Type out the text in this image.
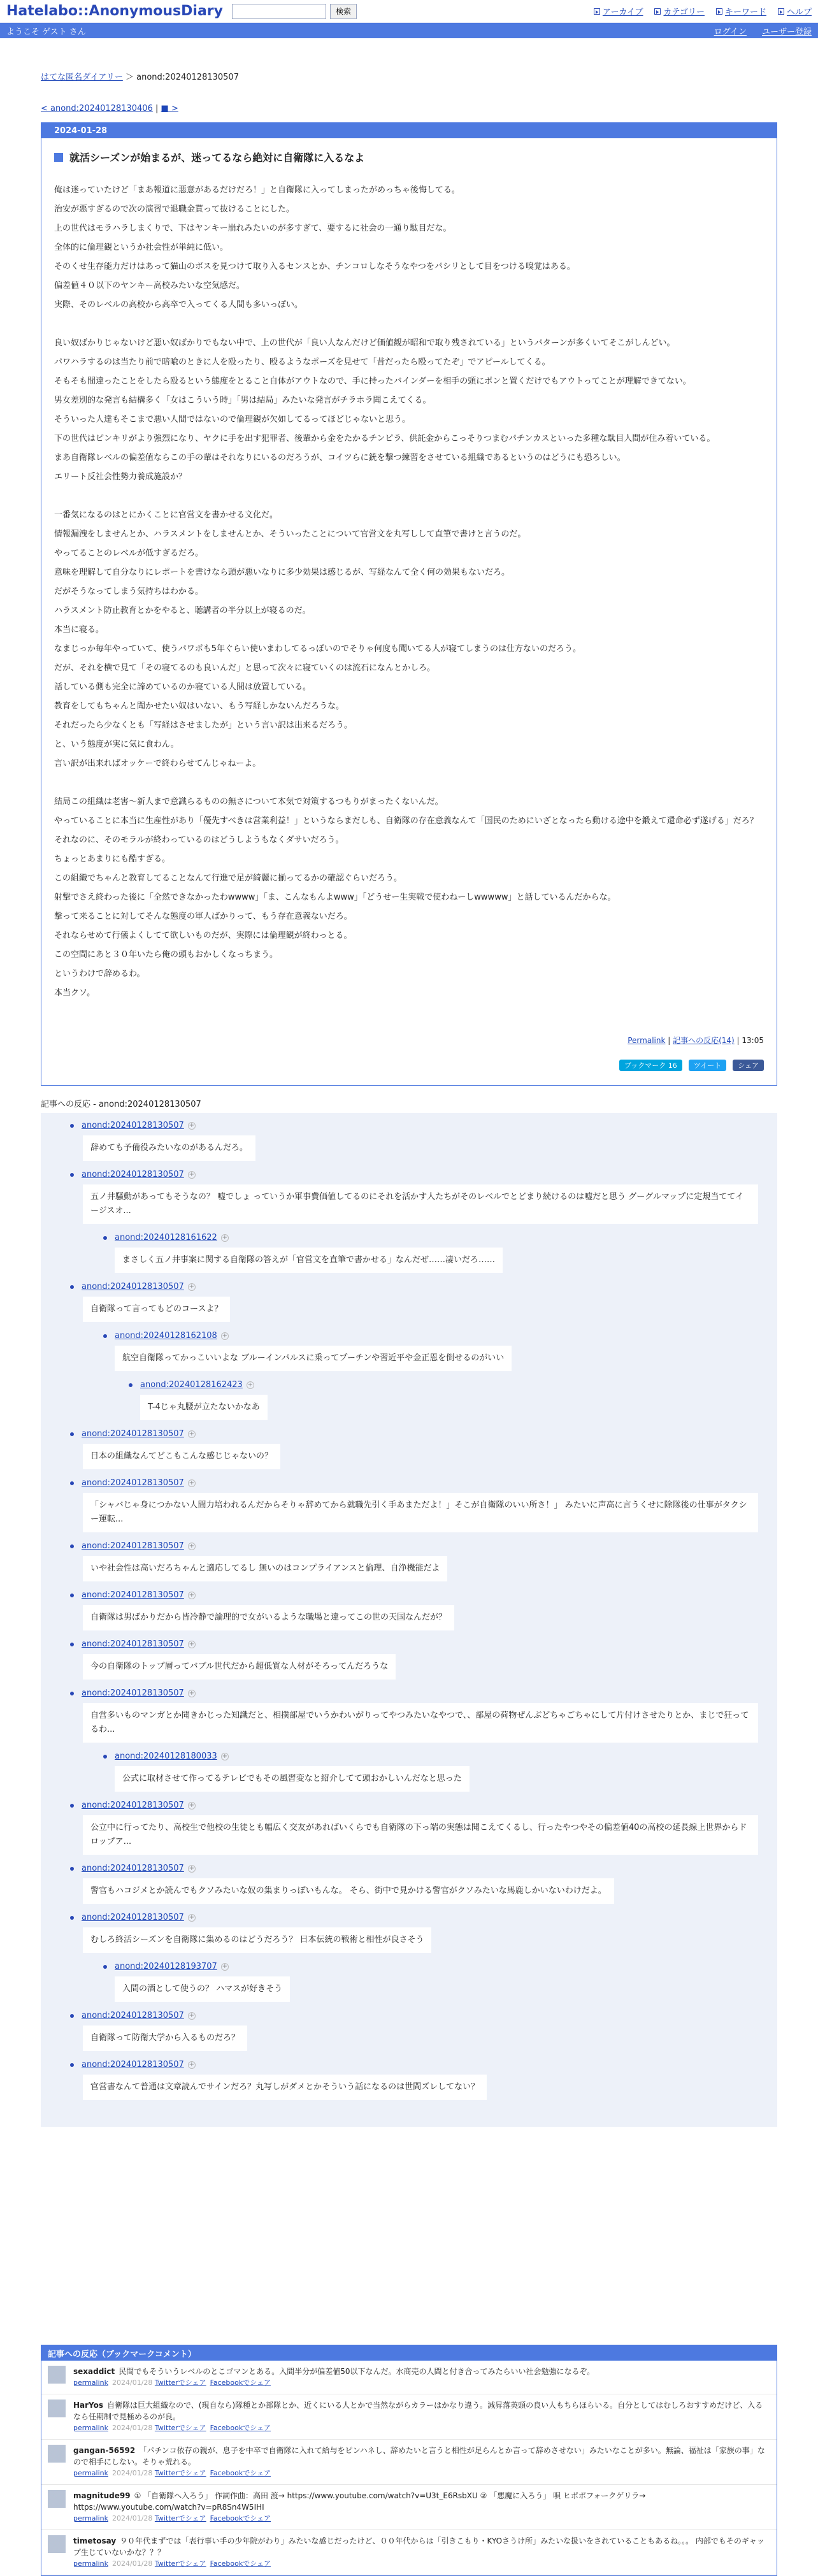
Hatelabo::AnonymousDiary	検索	アーカイブ カテゴリー キーワード ヘルプ
ようこそ ゲスト さん	ログイン ユーザー登録
はてな匿名ダイアリー ＞ anond:20240128130507
< anond:20240128130406 | ■ >
2024-01-28
就活シーズンが始まるが、迷ってるなら絶対に自衛隊に入るなよ

俺は迷っていたけど「まあ報道に悪意があるだけだろ！」と自衛隊に入ってしまったがめっちゃ後悔してる。

治安が悪すぎるので次の演習で退職金貰って抜けることにした。

上の世代はモラハラしまくりで、下はヤンキー崩れみたいのが多すぎて、要するに社会の一通り駄目だな。

全体的に倫理観というか社会性が単純に低い。

そのくせ生存能力だけはあって猫山のボスを見つけて取り入るセンスとか、チンコロしなそうなやつをパシリとして目をつける嗅覚はある。

偏差値４０以下のヤンキー高校みたいな空気感だ。

実際、そのレベルの高校から高卒で入ってくる人間も多いっぽい。

良い奴ばかりじゃないけど悪い奴ばかりでもない中で、上の世代が「良い人なんだけど価値観が昭和で取り残されている」というパターンが多くいてそこがしんどい。

パワハラするのは当たり前で暗喩のときに人を殴ったり、殴るようなポーズを見せて「昔だったら殴ってたぞ」でアピールしてくる。

そもそも間違ったことをしたら殴るという態度をとること自体がアウトなので、手に持ったバインダーを相手の頭にポンと置くだけでもアウトってことが理解できてない。

男女差別的な発言も結構多く「女はこういう時」「男は結局」みたいな発言がチラホラ聞こえてくる。

そういった人達もそこまで悪い人間ではないので倫理観が欠如してるってほどじゃないと思う。

下の世代はピンキリがより強烈になり、ヤクに手を出す犯罪者、後輩から金をたかるチンピラ、供託金からこっそりつまむパチンカスといった多種な駄目人間が住み着いている。

まあ自衛隊レベルの偏差値ならこの手の輩はそれなりにいるのだろうが、コイツらに銃を撃つ練習をさせている組織であるというのはどうにも恐ろしい。

エリート反社会性勢力養成施設か？

一番気になるのはとにかくことに官営文を書かせる文化だ。

情報漏洩をしませんとか、ハラスメントをしませんとか、そういったことについて官営文を丸写しして直筆で書けと言うのだ。

やってることのレベルが低すぎるだろ。

意味を理解して自分なりにレポートを書けなら頭が悪いなりに多少効果は感じるが、写経なんて全く何の効果もないだろ。

だがそうなってしまう気持ちはわかる。

ハラスメント防止教育とかをやると、聴講者の半分以上が寝るのだ。

本当に寝る。

なまじっか毎年やっていて、使うパワポも5年ぐらい使いまわしてるっぽいのでそりゃ何度も聞いてる人が寝てしまうのは仕方ないのだろう。

だが、それを横で見て「その寝てるのも良いんだ」と思って次々に寝ていくのは流石になんとかしろ。

話している側も完全に諦めているのか寝ている人間は放置している。

教育をしてもちゃんと聞かせたい奴はいない、もう写経しかないんだろうな。

それだったら少なくとも「写経はさせましたが」という言い訳は出来るだろう。

と、いう態度が実に気に食わん。

言い訳が出来ればオッケーで終わらせてんじゃねーよ。

結局この組織は老害〜新人まで意識らるものの無さについて本気で対策するつもりがまったくないんだ。

やっていることに本当に生産性があり「優先すべきは営業利益！」というならまだしも、自衛隊の存在意義なんて「国民のためにいざとなったら動ける途中を鍛えて還命必ず遂げる」だろ？それなのに、そのモラルが終わっているのはどうしようもなくダサいだろう。

ちょっとあまりにも酷すぎる。

この組織でちゃんと教育してることなんて行進で足が綺麗に揃ってるかの確認ぐらいだろう。

射撃でさえ終わった後に「全然できなかったわwwww」「ま、こんなもんよwww」「どうせー生実戦で使わねーしwwwww」と話しているんだからな。

撃って来ることに対してそんな態度の軍人ばかりって、もう存在意義ないだろ。

それならせめて行儀よくしてて欲しいものだが、実際には倫理観が終わっとる。

この空間にあと３０年いたら俺の頭もおかしくなっちまう。

というわけで辞めるわ。

本当クソ。

Permalink | 記事への反応(14) | 13:05
ブックマーク 16 ツイート シェア
記事への反応 - anond:20240128130507
anond:20240128130507 +
辞めても予備役みたいなのがあるんだろ。
anond:20240128130507 +
五ノ井騒動があってもそうなの？ 嘘でしょ っていうか軍事費価値してるのにそれを活かす人たちがそのレベルでとどまり続けるのは嘘だと思う グーグルマップに定規当ててイージスオ...
anond:20240128161622 +
まさしく五ノ井事案に関する自衛隊の答えが「官営文を直筆で書かせる」なんだぜ……凄いだろ……
anond:20240128130507 +
自衛隊って言ってもどのコースよ？
anond:20240128162108 +
航空自衛隊ってかっこいいよな ブルーインパルスに乗ってプーチンや習近平や金正恩を倒せるのがいい
anond:20240128162423 +
T-4じゃ丸腰が立たないかなあ
anond:20240128130507 +
日本の組織なんてどこもこんな感じじゃないの？
anond:20240128130507 +
「シャバじゃ身につかない人間力培われるんだからそりゃ辞めてから就職先引く手あまただよ！」そこが自衛隊のいい所さ！」 みたいに声高に言うくせに除隊後の仕事がタクシー運転...
anond:20240128130507 +
いや社会性は高いだろちゃんと適応してるし 無いのはコンプライアンスと倫理、自浄機能だよ
anond:20240128130507 +
自衛隊は男ばかりだから皆冷静で論理的で女がいるような職場と違ってこの世の天国なんだが？
anond:20240128130507 +
今の自衛隊のトップ層ってバブル世代だから超低質な人材がそろってんだろうな
anond:20240128130507 +
自営多いものマンガとか聞きかじった知識だと、相撲部屋でいうかわいがりってやつみたいなやつで、、部屋の荷物ぜんぶどちゃごちゃにして片付けさせたりとか、まじで狂ってるわ...
anond:20240128180033 +
公式に取材させて作ってるテレビでもその風習変なと紹介してて頭おかしいんだなと思った
anond:20240128130507 +
公立中に行ってたり、高校生で他校の生徒とも幅広く交友があればいくらでも自衛隊の下っ端の実態は聞こえてくるし、行ったやつやその偏差値40の高校の延長線上世界からドロップア...
anond:20240128130507 +
警官もハコジメとか読んでもクソみたいな奴の集まりっぽいもんな。 そら、街中で見かける警官がクソみたいな馬鹿しかいないわけだよ。
anond:20240128130507 +
むしろ終活シーズンを自衛隊に集めるのはどうだろう？ 日本伝統の戦術と相性が良さそう
anond:20240128193707 +
入間の酒として使うの？ ハマスが好きそう
anond:20240128130507 +
自衛隊って防衛大学から入るものだろ？
anond:20240128130507 +
官営書なんて普通は文章読んでサインだろ？丸写しがダメとかそういう話になるのは世間ズレしてない？
記事への反応（ブックマークコメント）
sexaddict 民間でもそういうレベルのとこゴマンとある。入間半分が偏差値50以下なんだ。水商売の人間と付き合ってみたらいい社会勉強になるぞ。
permalink 2024/01/28 Twitterでシェア Facebookでシェア
HarYos 自衛隊は巨大組織なので、(現自なら)隊種とか部隊とか、近くにいる人とかで当然ながらカラーはかなり違う。減昇落英頭の良い人もちらほらいる。自分としてはむしろおすすめだけど、入るなら任期制で見極めるのが良。
permalink 2024/01/28 Twitterでシェア Facebookでシェア
gangan-56592 「パチンコ依存の親が、息子を中卒で自衛隊に入れて給与をピンハネし、辞めたいと言うと相性が足らんとか言って辞めさせない」みたいなことが多い。無論、福祉は「家族の事」なので相手にしない。そりゃ荒れる。
permalink 2024/01/28 Twitterでシェア Facebookでシェア
magnitude99 ① 「自衛隊へ入ろう」 作詞作曲：高田 渡→ https://www.youtube.com/watch?v=U3t_E6RsbXU ② 「悪魔に入ろう」 唄 ヒポポフォークゲリラ→ https://www.youtube.com/watch?v=pR8Sn4W5IHI
permalink 2024/01/28 Twitterでシェア Facebookでシェア
timetosay ９０年代まずでは「表行事い手の少年院がわり」みたいな感じだったけど、００年代からは「引きこもり・KYOさうけ所」みたいな扱いをされていることもあるね。。。 内部でもそのギャップ生じていないかな？？？
permalink 2024/01/28 Twitterでシェア Facebookでシェア
